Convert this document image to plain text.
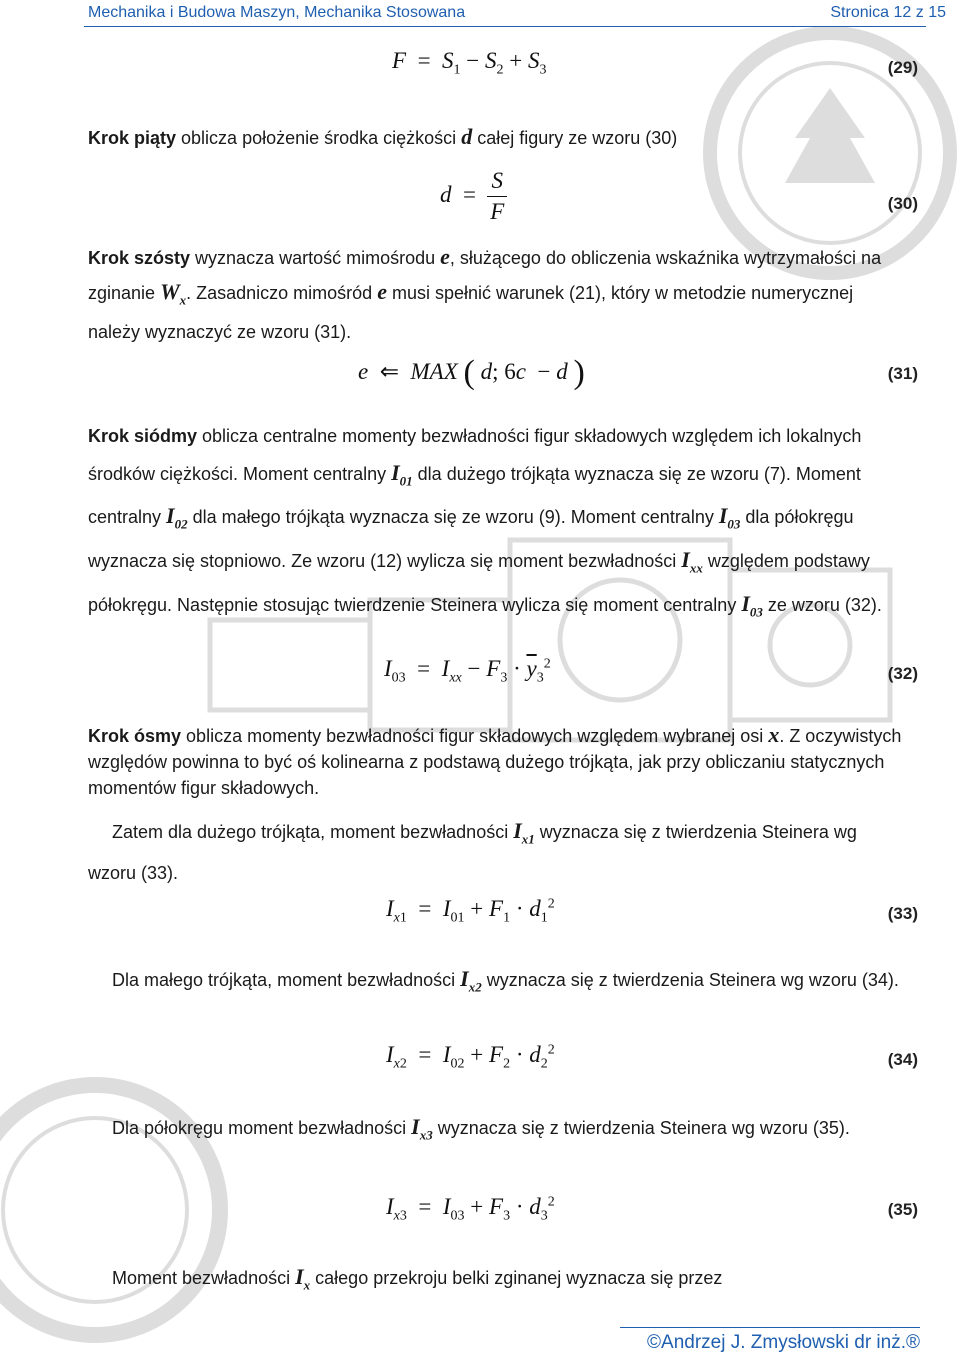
Mechanika i Budowa Maszyn, Mechanika Stosowana	Stronica 12 z 15
$F = S_1 - S_2 + S_3$	(29)
Krok piąty oblicza położenie środka ciężkości d całej figury ze wzoru (30)
$d = \frac{S}{F}$	(30)
Krok szósty wyznacza wartość mimośrodu e, służącego do obliczenia wskaźnika wytrzymałości na zginanie $W_x$. Zasadniczo mimośród e musi spełnić warunek (21), który w metodzie numerycznej należy wyznaczyć ze wzoru (31).
e  ⇐  MAX ( d; 6c  − d )	(31)
Krok siódmy oblicza centralne momenty bezwładności figur składowych względem ich lokalnych środków ciężkości. Moment centralny $I_{01}$ dla dużego trójkąta wyznacza się ze wzoru (7). Moment centralny $I_{02}$ dla małego trójkąta wyznacza się ze wzoru (9). Moment centralny $I_{03}$ dla półokręgu wyznacza się stopniowo. Ze wzoru (12) wylicza się moment bezwładności $I_{xx}$ względem podstawy półokręgu. Następnie stosując twierdzenie Steinera wylicza się moment centralny $I_{03}$ ze wzoru (32).
$I_{03} = I_{xx} - F_3 \cdot \overline{y}_3^2$
(32)
Krok ósmy oblicza momenty bezwładności figur składowych względem wybranej osi x. Z oczywistych względów powinna to być oś kolinearna z podstawą dużego trójkąta, jak przy obliczaniu statycznych momentów figur składowych.
Zatem dla dużego trójkąta, moment bezwładności $I_{x1}$ wyznacza się z twierdzenia Steinera wg wzoru (33).
$I_{x1} = I_{01} + F_1 \cdot d_1^2$
(33)
Dla małego trójkąta, moment bezwładności $I_{x2}$ wyznacza się z twierdzenia Steinera wg wzoru (34).
$I_{x2} = I_{02} + F_2 \cdot d_2^2$
(34)
Dla półokręgu moment bezwładności $I_{x3}$ wyznacza się z twierdzenia Steinera wg wzoru (35).
$I_{x3} = I_{03} + F_3 \cdot d_3^2$	(35)
Moment bezwładności $I_x$ całego przekroju belki zginanej wyznacza się przez
©Andrzej J. Zmysłowski dr inż.®
